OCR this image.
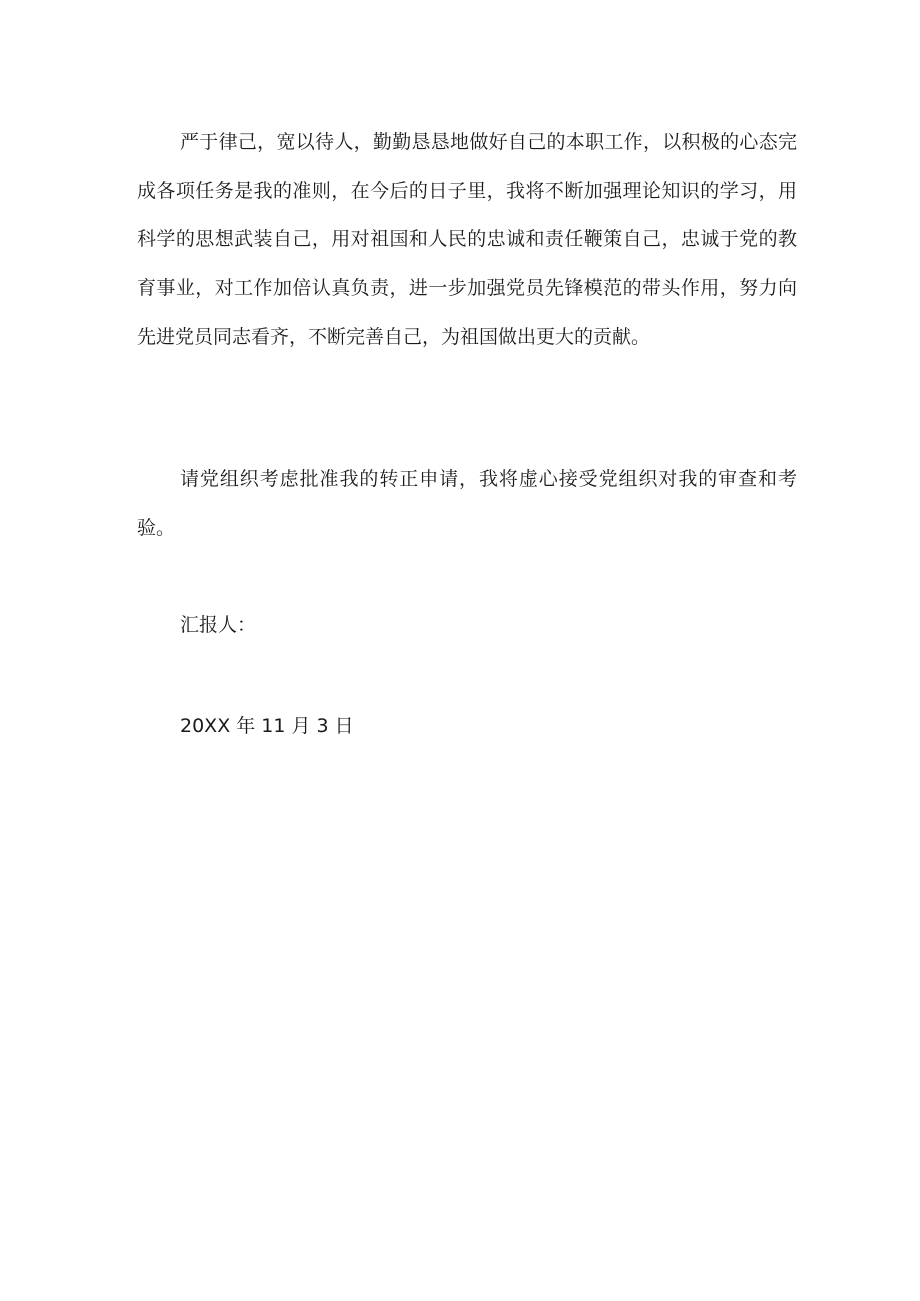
严于律己，宽以待人，勤勤恳恳地做好自己的本职工作，以积极的心态完成各项任务是我的准则，在今后的日子里，我将不断加强理论知识的学习，用科学的思想武装自己，用对祖国和人民的忠诚和责任鞭策自己，忠诚于党的教育事业，对工作加倍认真负责，进一步加强党员先锋模范的带头作用，努力向先进党员同志看齐，不断完善自己，为祖国做出更大的贡献。

请党组织考虑批准我的转正申请，我将虚心接受党组织对我的审查和考验。

汇报人：

20XX 年 11 月 3 日
